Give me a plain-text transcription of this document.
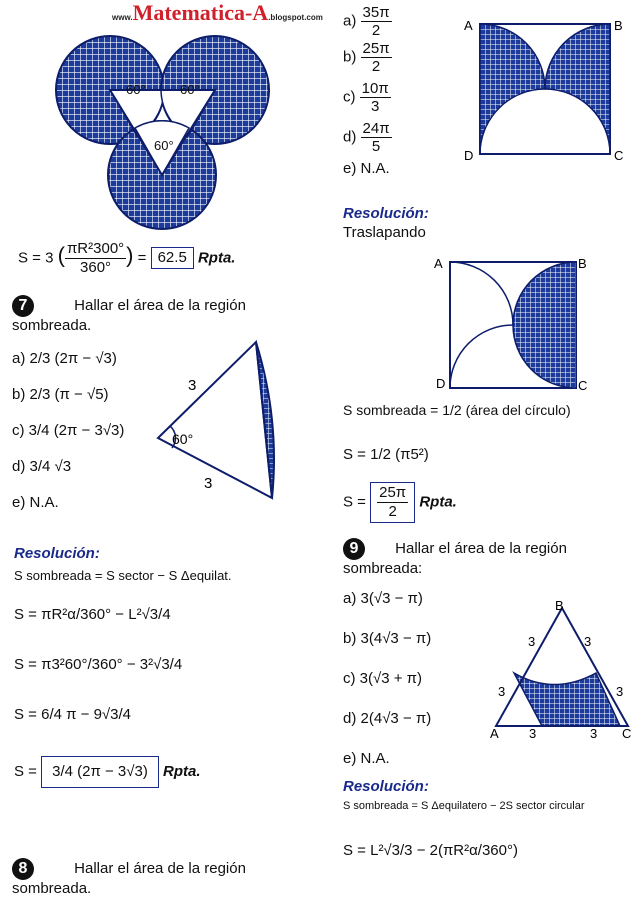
www.Matematica-A.blogspot.com
60°	60°
60°
S = 3 ( $\frac{\text{πR²300°}}{360^\circ}$ ) = 62.5 Rpta.
7	Hallar el área de la región sombreada.
a) 2/3 (2π − √3)
b) 2/3 (π − √5)
c) 3/4 (2π − 3√3)
d) 3/4 √3
e) N.A.
3
3
60°
Resolución:
S sombreada = S sector − S Δequilat.
S = πR²α/360° − L²√3/4
S = π3²60°/360° − 3²√3/4
S = 6/4 π − 9√3/4
S = 3/4 (2π − 3√3) Rpta.
8	Hallar el área de la región sombreada.
$a) \frac{35\pi}{2}$
$b) \frac{25\pi}{2}$
$c) \frac{10\pi}{3}$
$d) \frac{24\pi}{5}$
e) N.A.
A	B
C
D
Resolución:
Traslapando
A	B
C
D
S sombreada = 1/2 (área del círculo)
S = 1/2 (π5²)
$S = \frac{25\pi}{2}$ Rpta.
9 Hallar el área de la región sombreada:
a) 3(√3 − π)
b) 3(4√3 − π)
c) 3(√3 + π)
d) 2(4√3 − π)
e) N.A.
B
A	C
3	3
3	3
3	3
Resolución:
S sombreada = S Δequilatero − 2S sector circular
S = L²√3/3 − 2(πR²α/360°)
